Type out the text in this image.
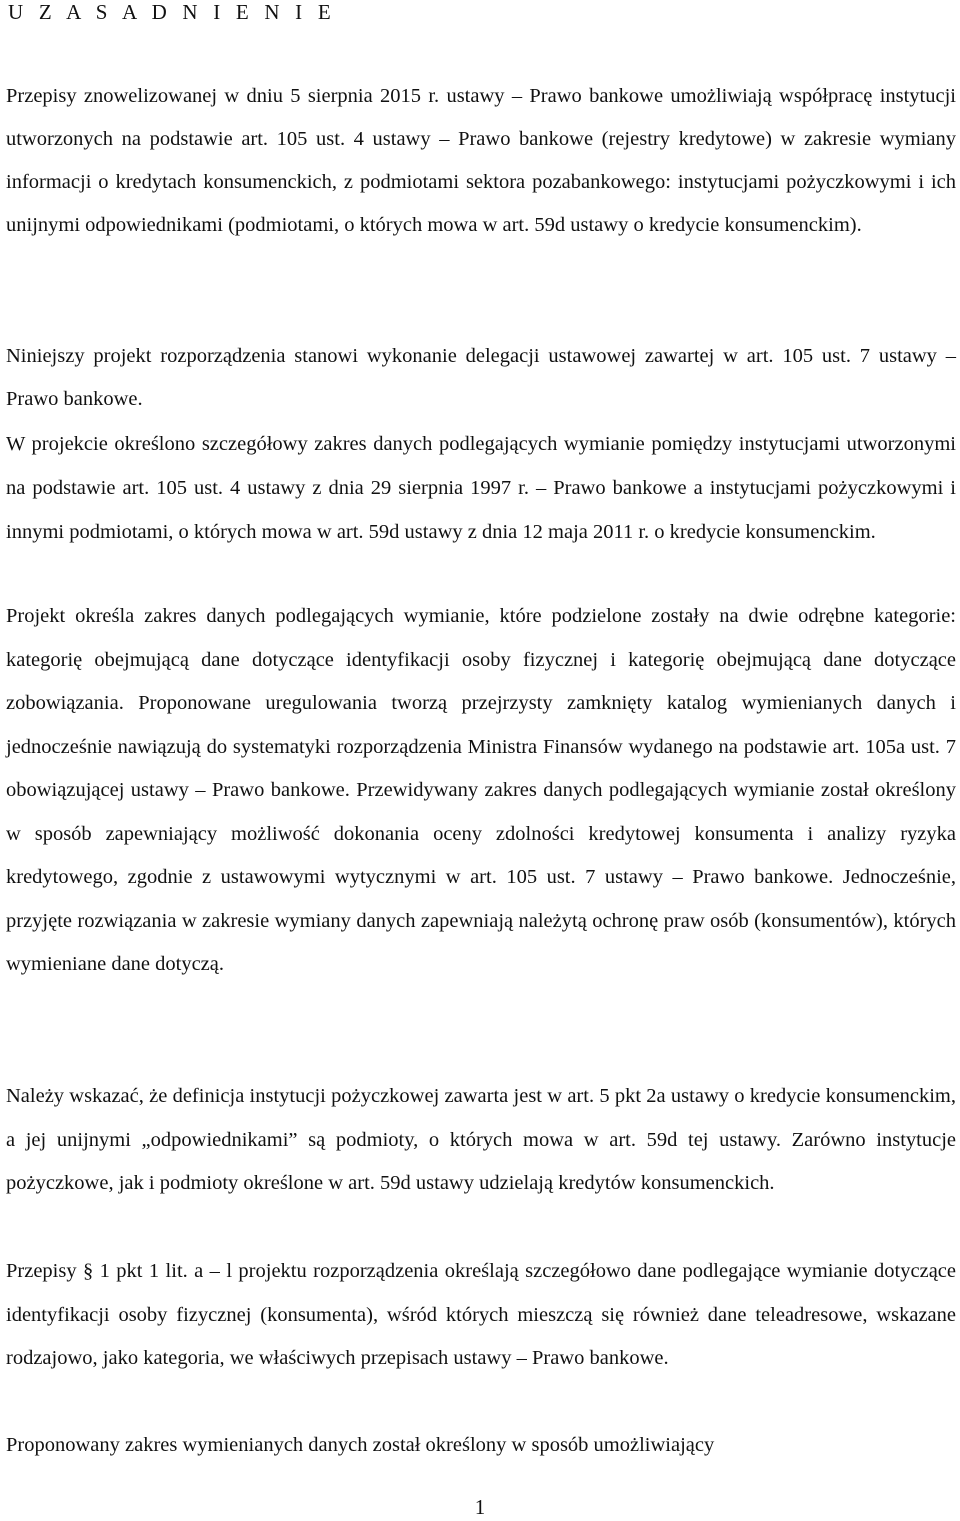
U Z A S A D N I E N I E

Przepisy znowelizowanej w dniu 5 sierpnia 2015 r. ustawy – Prawo bankowe umożliwiają współpracę instytucji utworzonych na podstawie art. 105 ust. 4 ustawy – Prawo bankowe (rejestry kredytowe) w zakresie wymiany informacji o kredytach konsumenckich, z podmiotami sektora pozabankowego: instytucjami pożyczkowymi i ich unijnymi odpowiednikami (podmiotami, o których mowa w art. 59d ustawy o kredycie konsumenckim).

Niniejszy projekt rozporządzenia stanowi wykonanie delegacji ustawowej zawartej w art. 105 ust. 7 ustawy – Prawo bankowe.

W projekcie określono szczegółowy zakres danych podlegających wymianie pomiędzy instytucjami utworzonymi na podstawie art. 105 ust. 4 ustawy z dnia 29 sierpnia 1997 r. – Prawo bankowe a instytucjami pożyczkowymi i innymi podmiotami, o których mowa w art. 59d ustawy z dnia 12 maja 2011 r. o kredycie konsumenckim.

Projekt określa zakres danych podlegających wymianie, które podzielone zostały na dwie odrębne kategorie: kategorię obejmującą dane dotyczące identyfikacji osoby fizycznej i kategorię obejmującą dane dotyczące zobowiązania. Proponowane uregulowania tworzą przejrzysty zamknięty katalog wymienianych danych i jednocześnie nawiązują do systematyki rozporządzenia Ministra Finansów wydanego na podstawie art. 105a ust. 7 obowiązującej ustawy – Prawo bankowe. Przewidywany zakres danych podlegających wymianie został określony w sposób zapewniający możliwość dokonania oceny zdolności kredytowej konsumenta i analizy ryzyka kredytowego, zgodnie z ustawowymi wytycznymi w art. 105 ust. 7 ustawy – Prawo bankowe. Jednocześnie, przyjęte rozwiązania w zakresie wymiany danych zapewniają należytą ochronę praw osób (konsumentów), których wymieniane dane dotyczą.

Należy wskazać, że definicja instytucji pożyczkowej zawarta jest w art. 5 pkt 2a ustawy o kredycie konsumenckim, a jej unijnymi „odpowiednikami” są podmioty, o których mowa w art. 59d tej ustawy. Zarówno instytucje pożyczkowe, jak i podmioty określone w art. 59d ustawy udzielają kredytów konsumenckich.

Przepisy § 1 pkt 1 lit. a – l projektu rozporządzenia określają szczegółowo dane podlegające wymianie dotyczące identyfikacji osoby fizycznej (konsumenta), wśród których mieszczą się również dane teleadresowe, wskazane rodzajowo, jako kategoria, we właściwych przepisach ustawy – Prawo bankowe.

Proponowany zakres wymienianych danych został określony w sposób umożliwiający

1
